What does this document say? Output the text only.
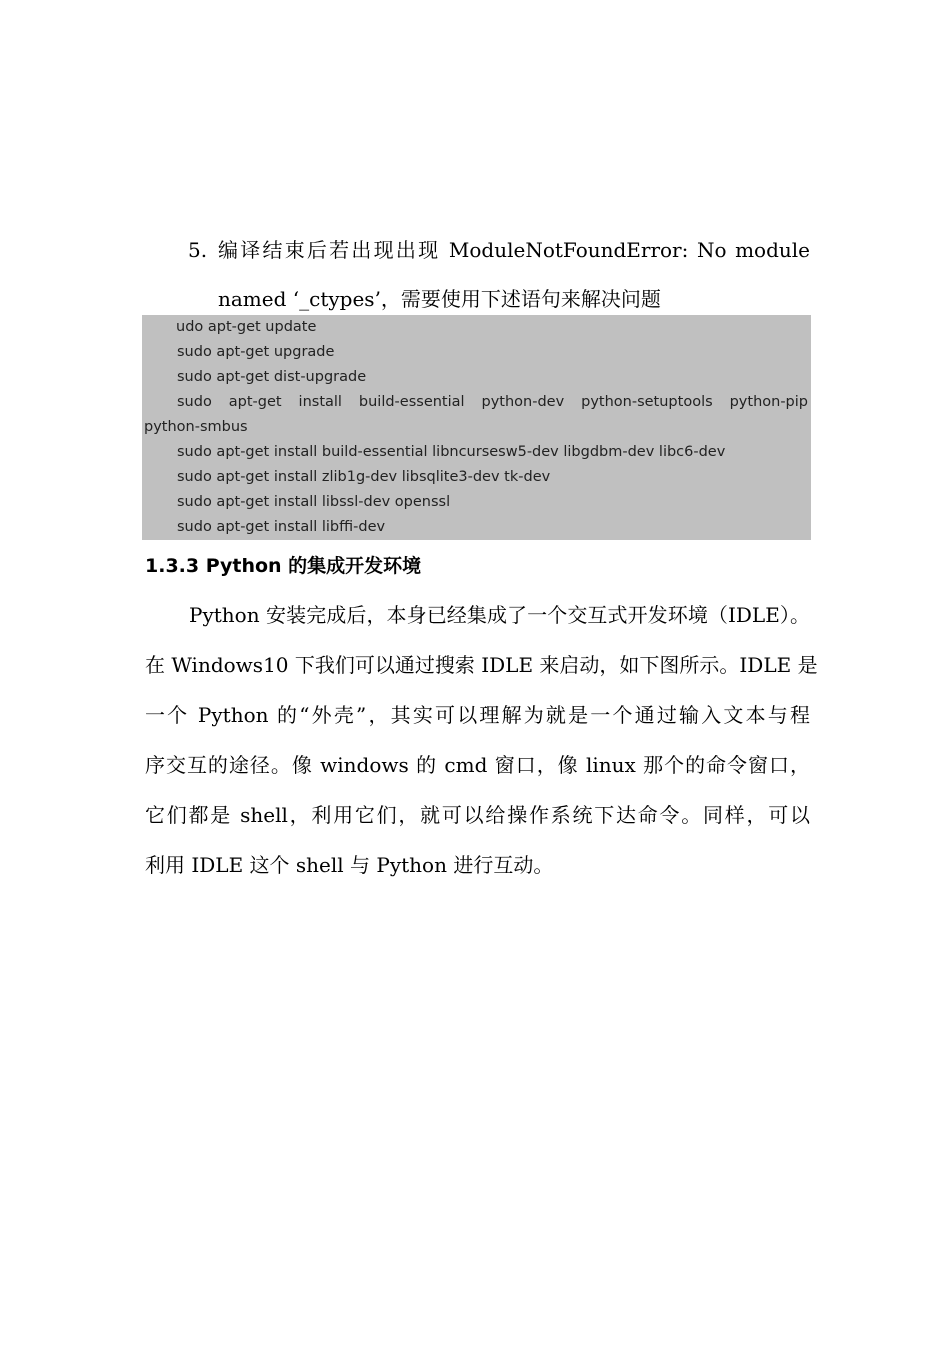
5. 编译结束后若出现出现 ModuleNotFoundError: No module
named ‘_ctypes’，需要使用下述语句来解决问题
udo apt-get update
sudo apt-get upgrade
sudo apt-get dist-upgrade
sudo apt-get install build-essential python-dev python-setuptools python-pip
python-smbus
sudo apt-get install build-essential libncursesw5-dev libgdbm-dev libc6-dev
sudo apt-get install zlib1g-dev libsqlite3-dev tk-dev
sudo apt-get install libssl-dev openssl
sudo apt-get install libffi-dev
1.3.3 Python 的集成开发环境
Python 安装完成后，本身已经集成了一个交互式开发环境（IDLE）。
在 Windows10 下我们可以通过搜索 IDLE 来启动，如下图所示。IDLE 是
一个 Python 的“外壳”，其实可以理解为就是一个通过输入文本与程
序交互的途径。像 windows 的 cmd 窗口，像 linux 那个的命令窗口，
它们都是 shell，利用它们，就可以给操作系统下达命令。同样，可以
利用 IDLE 这个 shell 与 Python 进行互动。
